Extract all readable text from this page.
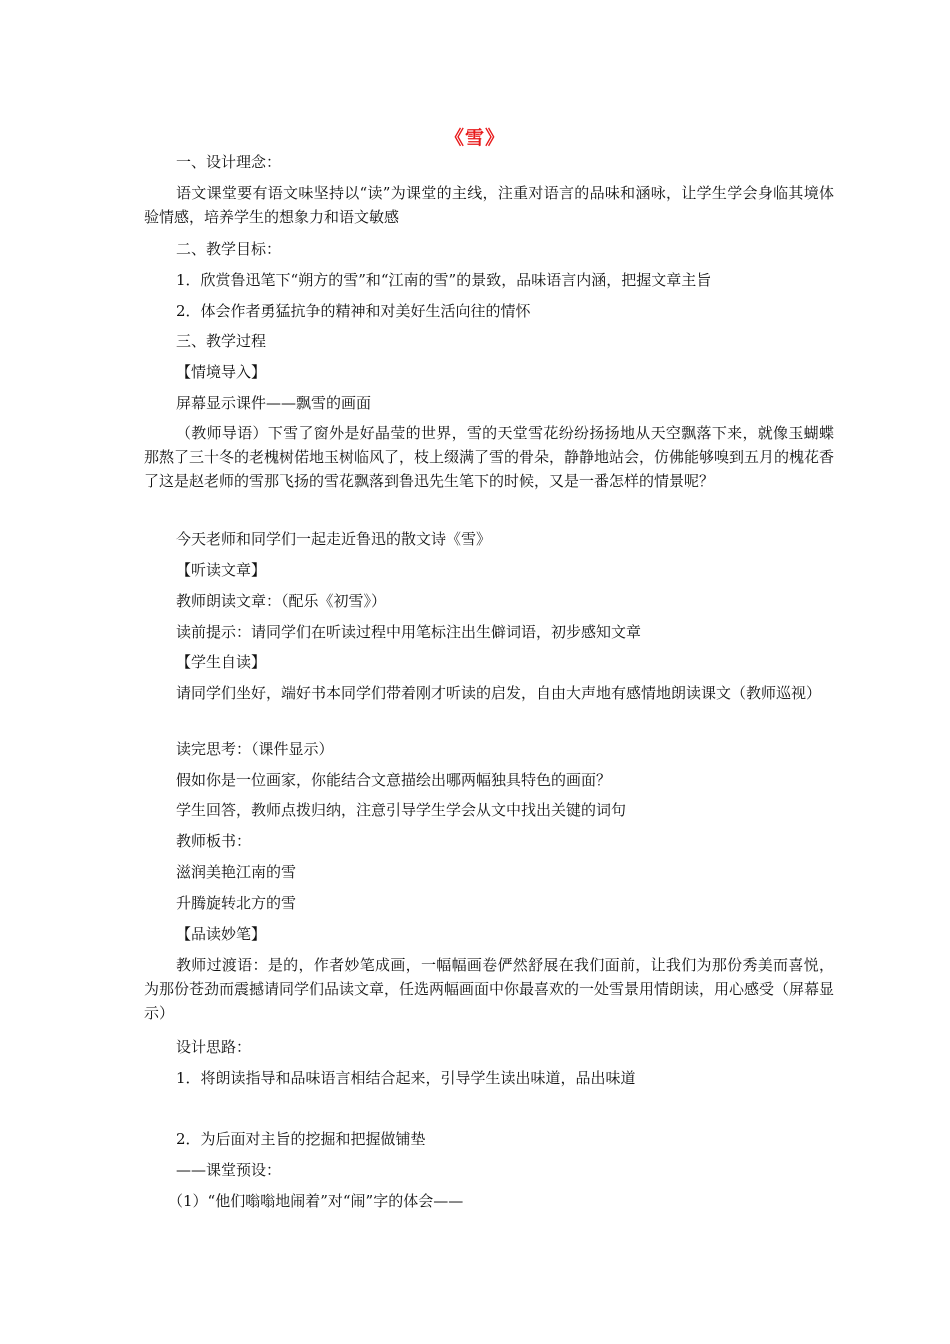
《雪》
一、设计理念：
语文课堂要有语文味坚持以“读”为课堂的主线，注重对语言的品味和涵咏，让学生学会身临其境体验情感，培养学生的想象力和语文敏感
二、教学目标：
1．欣赏鲁迅笔下“朔方的雪”和“江南的雪”的景致，品味语言内涵，把握文章主旨
2．体会作者勇猛抗争的精神和对美好生活向往的情怀
三、教学过程
【情境导入】
屏幕显示课件——飘雪的画面
（教师导语）下雪了窗外是好晶莹的世界，雪的天堂雪花纷纷扬扬地从天空飘落下来，就像玉蝴蝶那熬了三十冬的老槐树偌地玉树临风了，枝上缀满了雪的骨朵，静静地站会，仿佛能够嗅到五月的槐花香了这是赵老师的雪那飞扬的雪花飘落到鲁迅先生笔下的时候，又是一番怎样的情景呢？
今天老师和同学们一起走近鲁迅的散文诗《雪》
【听读文章】
教师朗读文章：（配乐《初雪》）
读前提示：请同学们在听读过程中用笔标注出生僻词语，初步感知文章
【学生自读】
请同学们坐好，端好书本同学们带着刚才听读的启发，自由大声地有感情地朗读课文（教师巡视）
读完思考：（课件显示）
假如你是一位画家，你能结合文意描绘出哪两幅独具特色的画面？
学生回答，教师点拨归纳，注意引导学生学会从文中找出关键的词句
教师板书：
滋润美艳江南的雪
升腾旋转北方的雪
【品读妙笔】
教师过渡语：是的，作者妙笔成画，一幅幅画卷俨然舒展在我们面前，让我们为那份秀美而喜悦，为那份苍劲而震撼请同学们品读文章，任选两幅画面中你最喜欢的一处雪景用情朗读，用心感受（屏幕显示）
设计思路：
1．将朗读指导和品味语言相结合起来，引导学生读出味道，品出味道
2．为后面对主旨的挖掘和把握做铺垫
——课堂预设：
（1）“他们嗡嗡地闹着”对“闹”字的体会——
